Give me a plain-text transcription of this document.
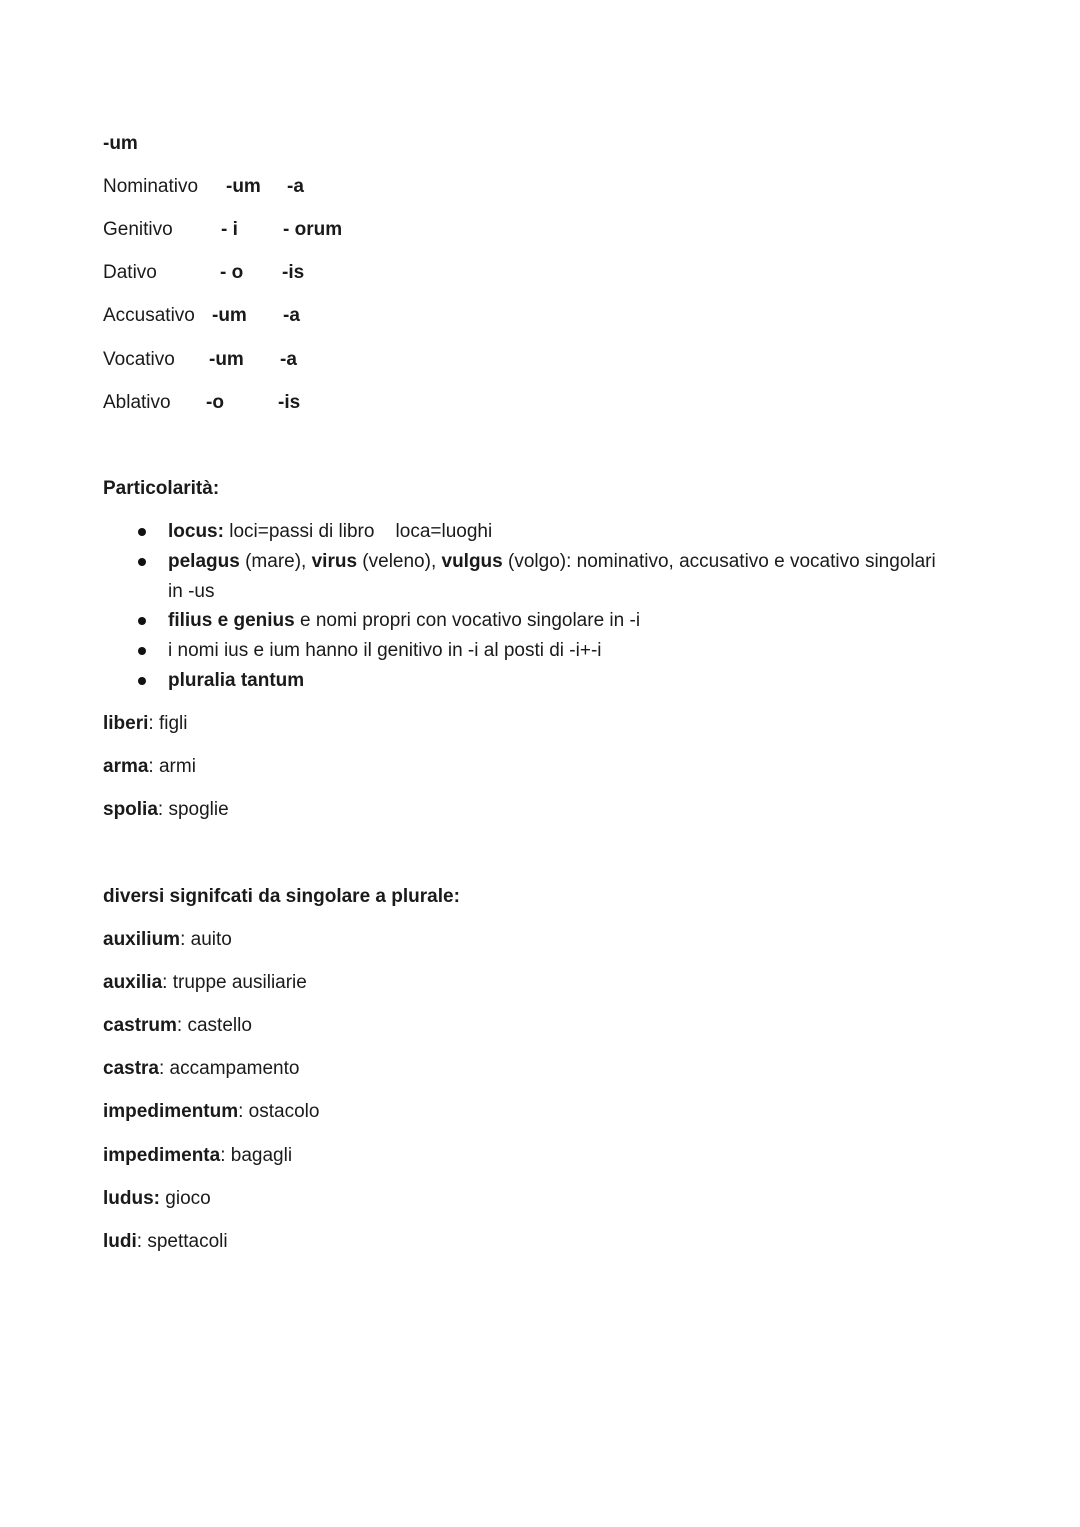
-um
Nominativo -um -a
Genitivo	- i - orum
Dativo	- o -is
Accusativo -um -a
Vocativo -um -a
Ablativo -o	-is
Particolarità:
locus: loci=passi di libro    loca=luoghi
pelagus (mare), virus (veleno), vulgus (volgo): nominativo, accusativo e vocativo singolari
in -us
filius e genius e nomi propri con vocativo singolare in -i
i nomi ius e ium hanno il genitivo in -i al posti di -i+-i
pluralia tantum
liberi: figli
arma: armi
spolia: spoglie
diversi signifcati da singolare a plurale:
auxilium: auito
auxilia: truppe ausiliarie
castrum: castello
castra: accampamento
impedimentum: ostacolo
impedimenta: bagagli
ludus: gioco
ludi: spettacoli
